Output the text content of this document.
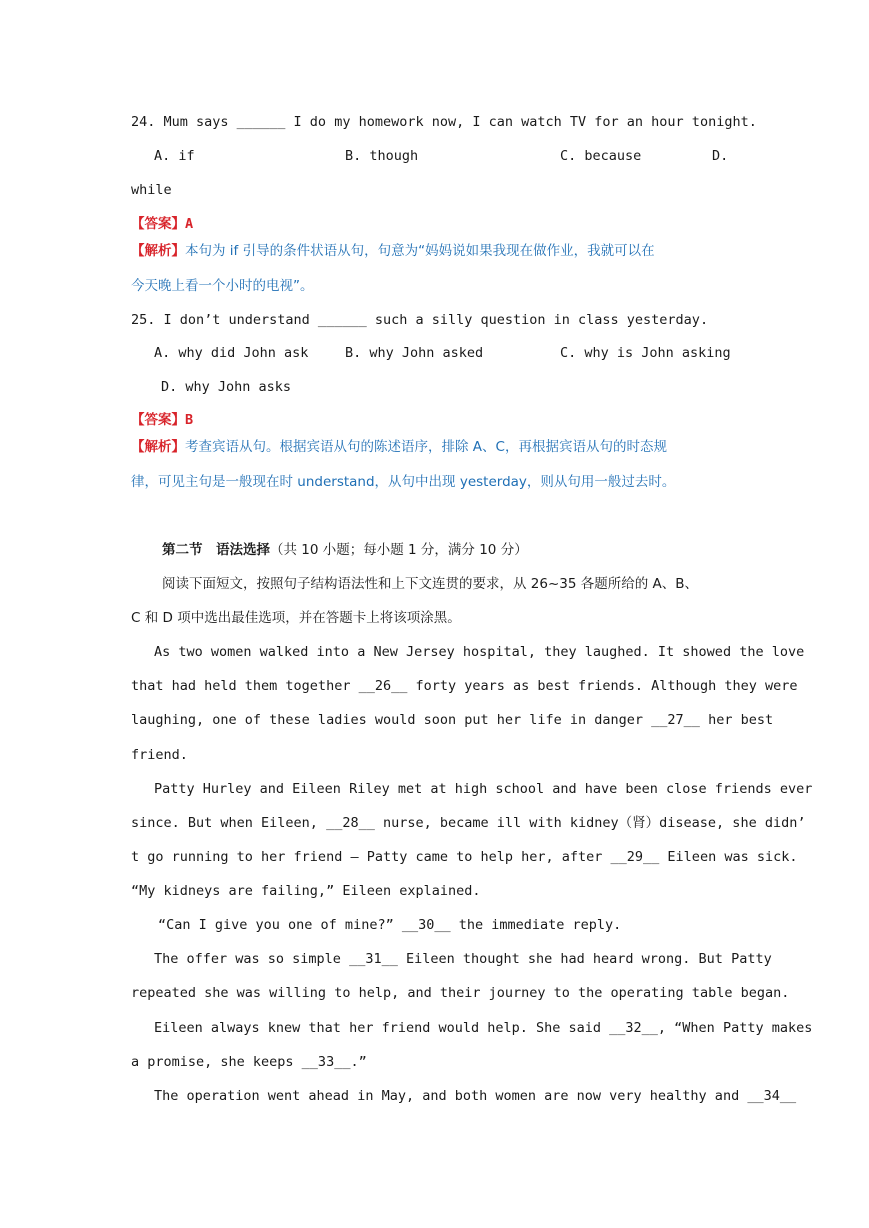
24. Mum says ______ I do my homework now, I can watch TV for an hour tonight.
A. if	B. though	C. because	D.
while
【答案】A
【解析】本句为 if 引导的条件状语从句，句意为“妈妈说如果我现在做作业，我就可以在
今天晚上看一个小时的电视”。
25. I don’t understand ______ such a silly question in class yesterday.
A. why did John ask	B. why John asked	C. why is John asking
D. why John asks
【答案】B
【解析】考查宾语从句。根据宾语从句的陈述语序，排除 A、C，再根据宾语从句的时态规
律，可见主句是一般现在时 understand，从句中出现 yesterday，则从句用一般过去时。
第二节　语法选择（共 10 小题；每小题 1 分，满分 10 分）
阅读下面短文，按照句子结构语法性和上下文连贯的要求，从 26~35 各题所给的 A、B、
C 和 D 项中选出最佳选项，并在答题卡上将该项涂黑。
As two women walked into a New Jersey hospital, they laughed. It showed the love
that had held them together __26__ forty years as best friends. Although they were
laughing, one of these ladies would soon put her life in danger __27__ her best
friend.
Patty Hurley and Eileen Riley met at high school and have been close friends ever
since. But when Eileen, __28__ nurse, became ill with kidney（肾）disease, she didn’
t go running to her friend — Patty came to help her, after __29__ Eileen was sick.
“My kidneys are failing,” Eileen explained.
“Can I give you one of mine?” __30__ the immediate reply.
The offer was so simple __31__ Eileen thought she had heard wrong. But Patty
repeated she was willing to help, and their journey to the operating table began.
Eileen always knew that her friend would help. She said __32__, “When Patty makes
a promise, she keeps __33__.”
The operation went ahead in May, and both women are now very healthy and __34__
